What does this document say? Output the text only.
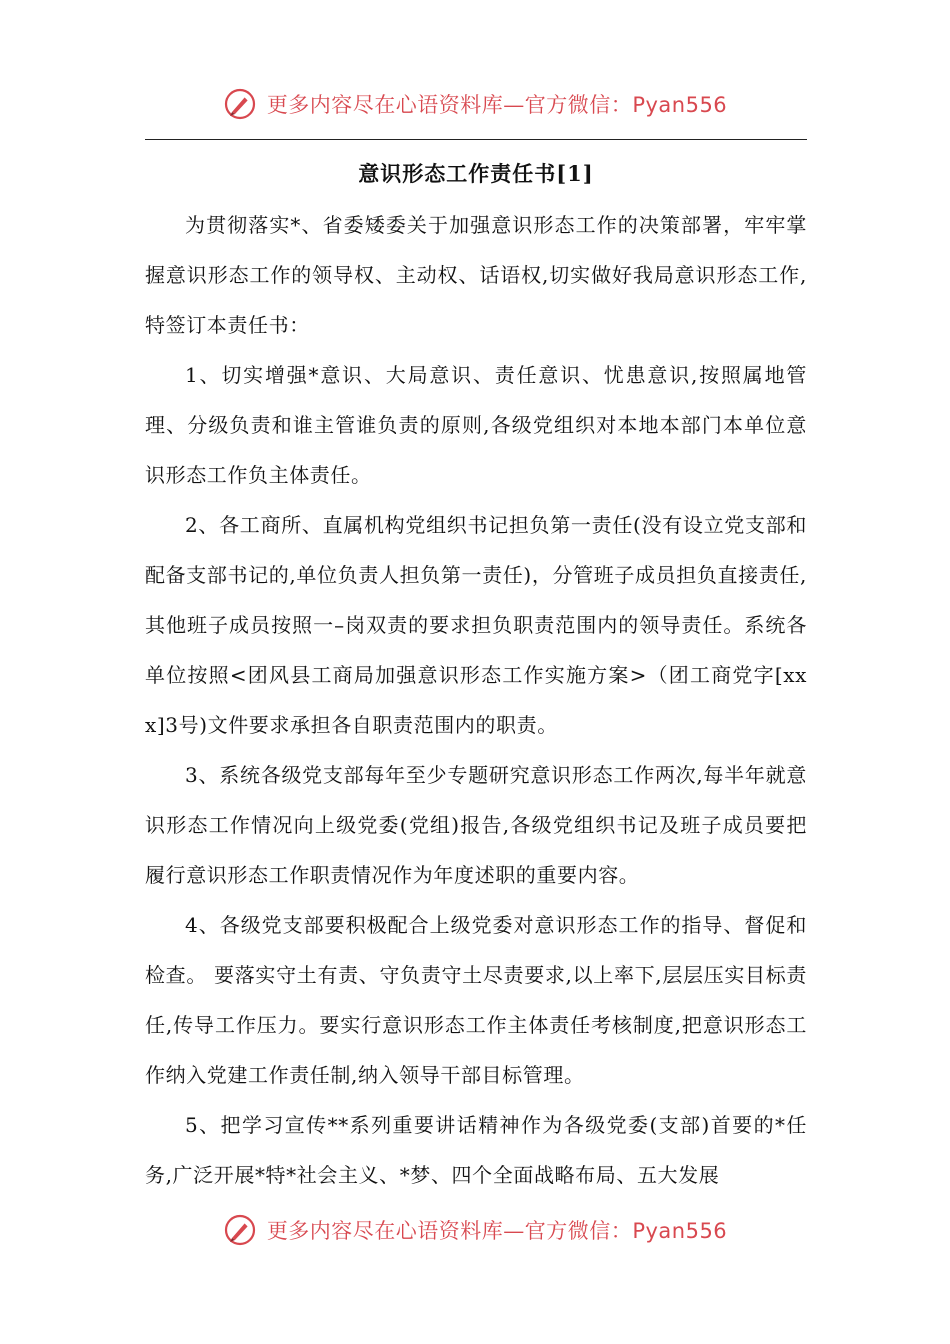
更多内容尽在心语资料库—官方微信：Pyan556
意识形态工作责任书[1]

为贯彻落实*、省委矮委关于加强意识形态工作的决策部署，牢牢掌握意识形态工作的领导权、主动权、话语权,切实做好我局意识形态工作,特签订本责任书：

1、切实增强*意识、大局意识、责任意识、忧患意识,按照属地管理、分级负责和谁主管谁负责的原则,各级党组织对本地本部门本单位意识形态工作负主体责任。

2、各工商所、直属机构党组织书记担负第一责任(没有设立党支部和配备支部书记的,单位负责人担负第一责任)，分管班子成员担负直接责任,其他班子成员按照一–岗双责的要求担负职责范围内的领导责任。系统各单位按照<团风县工商局加强意识形态工作实施方案>（团工商党字[xxx]3号)文件要求承担各自职责范围内的职责。

3、系统各级党支部每年至少专题研究意识形态工作两次,每半年就意识形态工作情况向上级党委(党组)报告,各级党组织书记及班子成员要把履行意识形态工作职责情况作为年度述职的重要内容。

4、各级党支部要积极配合上级党委对意识形态工作的指导、督促和检查。 要落实守土有责、守负责守土尽责要求,以上率下,层层压实目标责任,传导工作压力。要实行意识形态工作主体责任考核制度,把意识形态工作纳入党建工作责任制,纳入领导干部目标管理。

5、把学习宣传**系列重要讲话精神作为各级党委(支部)首要的*任务,广泛开展*特*社会主义、*梦、四个全面战略布局、五大发展

更多内容尽在心语资料库—官方微信：Pyan556
